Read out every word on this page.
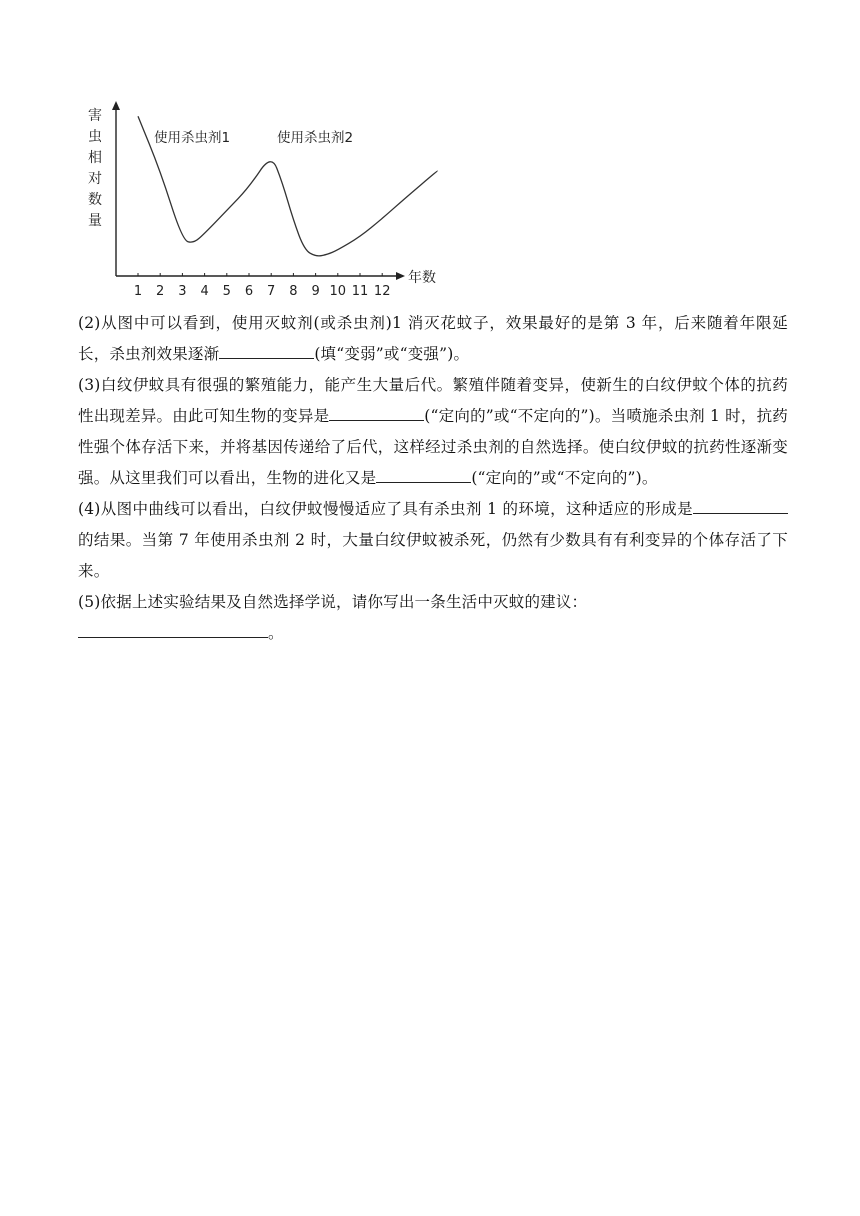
害
虫
相
对
数
量
年数
1 2 3 4 5 6 7 8 9 10 11 12
使用杀虫剂1	使用杀虫剂2

(2)从图中可以看到，使用灭蚊剂(或杀虫剂)1 消灭花蚊子，效果最好的是第 3 年，后来随着年限延长，杀虫剂效果逐渐	(填“变弱”或“变强”)。

(3)白纹伊蚊具有很强的繁殖能力，能产生大量后代。繁殖伴随着变异，使新生的白纹伊蚊个体的抗药性出现差异。由此可知生物的变异是	(“定向的”或“不定向的”)。当喷施杀虫剂 1 时，抗药性强个体存活下来，并将基因传递给了后代，这样经过杀虫剂的自然选择。使白纹伊蚊的抗药性逐渐变强。从这里我们可以看出，生物的进化又是	(“定向的”或“不定向的”)。

(4)从图中曲线可以看出，白纹伊蚊慢慢适应了具有杀虫剂 1 的环境，这种适应的形成是的结果。当第 7 年使用杀虫剂 2 时，大量白纹伊蚊被杀死，仍然有少数具有有利变异的个体存活了下来。

(5)依据上述实验结果及自然选择学说，请你写出一条生活中灭蚊的建议：
。
